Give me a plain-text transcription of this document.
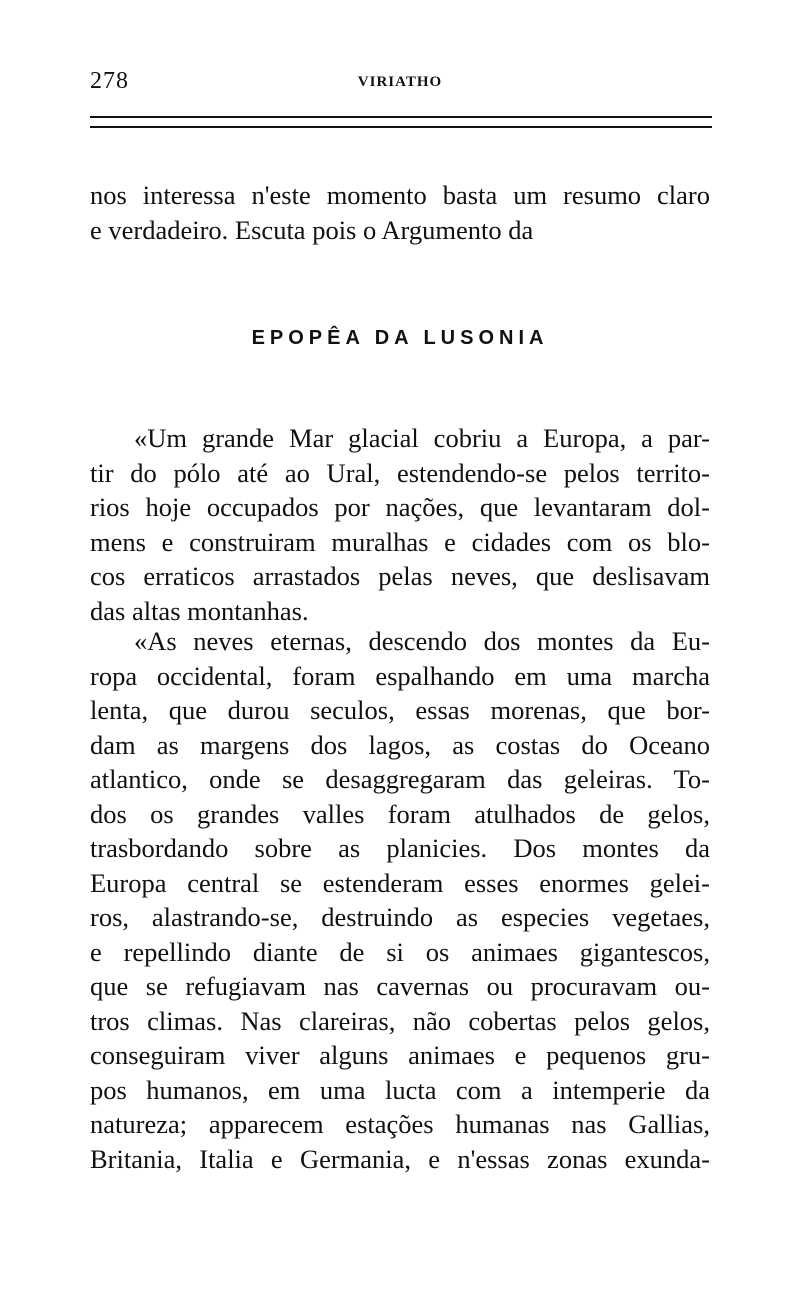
278	VIRIATHO
nos interessa n'este momento basta um resumo claro
e verdadeiro. Escuta pois o Argumento da
EPOPÊA DA LUSONIA
«Um grande Mar glacial cobriu a Europa, a par-
tir do pólo até ao Ural, estendendo-se pelos territo-
rios hoje occupados por nações, que levantaram dol-
mens e construiram muralhas e cidades com os blo-
cos erraticos arrastados pelas neves, que deslisavam
das altas montanhas.
«As neves eternas, descendo dos montes da Eu-
ropa occidental, foram espalhando em uma marcha
lenta, que durou seculos, essas morenas, que bor-
dam as margens dos lagos, as costas do Oceano
atlantico, onde se desaggregaram das geleiras. To-
dos os grandes valles foram atulhados de gelos,
trasbordando sobre as planicies. Dos montes da
Europa central se estenderam esses enormes gelei-
ros, alastrando-se, destruindo as especies vegetaes,
e repellindo diante de si os animaes gigantescos,
que se refugiavam nas cavernas ou procuravam ou-
tros climas. Nas clareiras, não cobertas pelos gelos,
conseguiram viver alguns animaes e pequenos gru-
pos humanos, em uma lucta com a intemperie da
natureza; apparecem estações humanas nas Gallias,
Britania, Italia e Germania, e n'essas zonas exunda-
